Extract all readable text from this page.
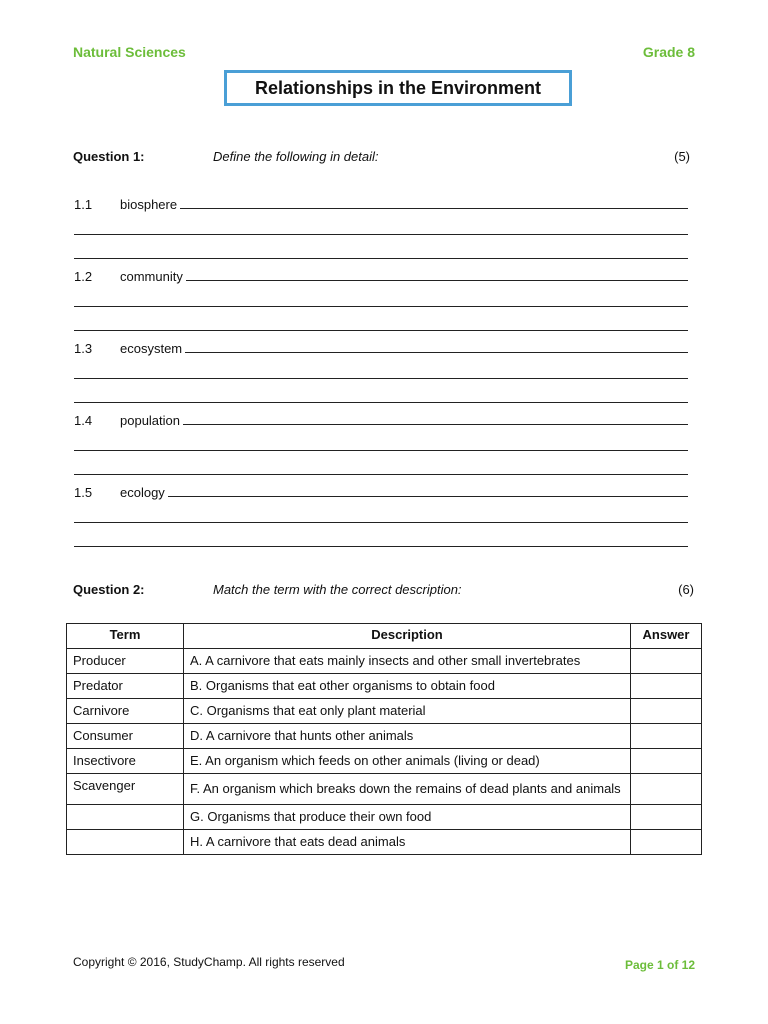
Natural Sciences	Grade 8
Relationships in the Environment
Question 1:	Define the following in detail:	(5)
1.1	biosphere
1.2	community
1.3	ecosystem
1.4	population
1.5	ecology
Question 2:	Match the term with the correct description:	(6)
Term	Description	Answer
Producer	A. A carnivore that eats mainly insects and other small invertebrates	
Predator	B. Organisms that eat other organisms to obtain food	
Carnivore	C. Organisms that eat only plant material	
Consumer	D. A carnivore that hunts other animals	
Insectivore	E. An organism which feeds on other animals (living or dead)	
Scavenger	F. An organism which breaks down the remains of dead plants and animals	
	G. Organisms that produce their own food	
	H. A carnivore that eats dead animals	
Copyright © 2016, StudyChamp. All rights reserved	Page 1 of 12
